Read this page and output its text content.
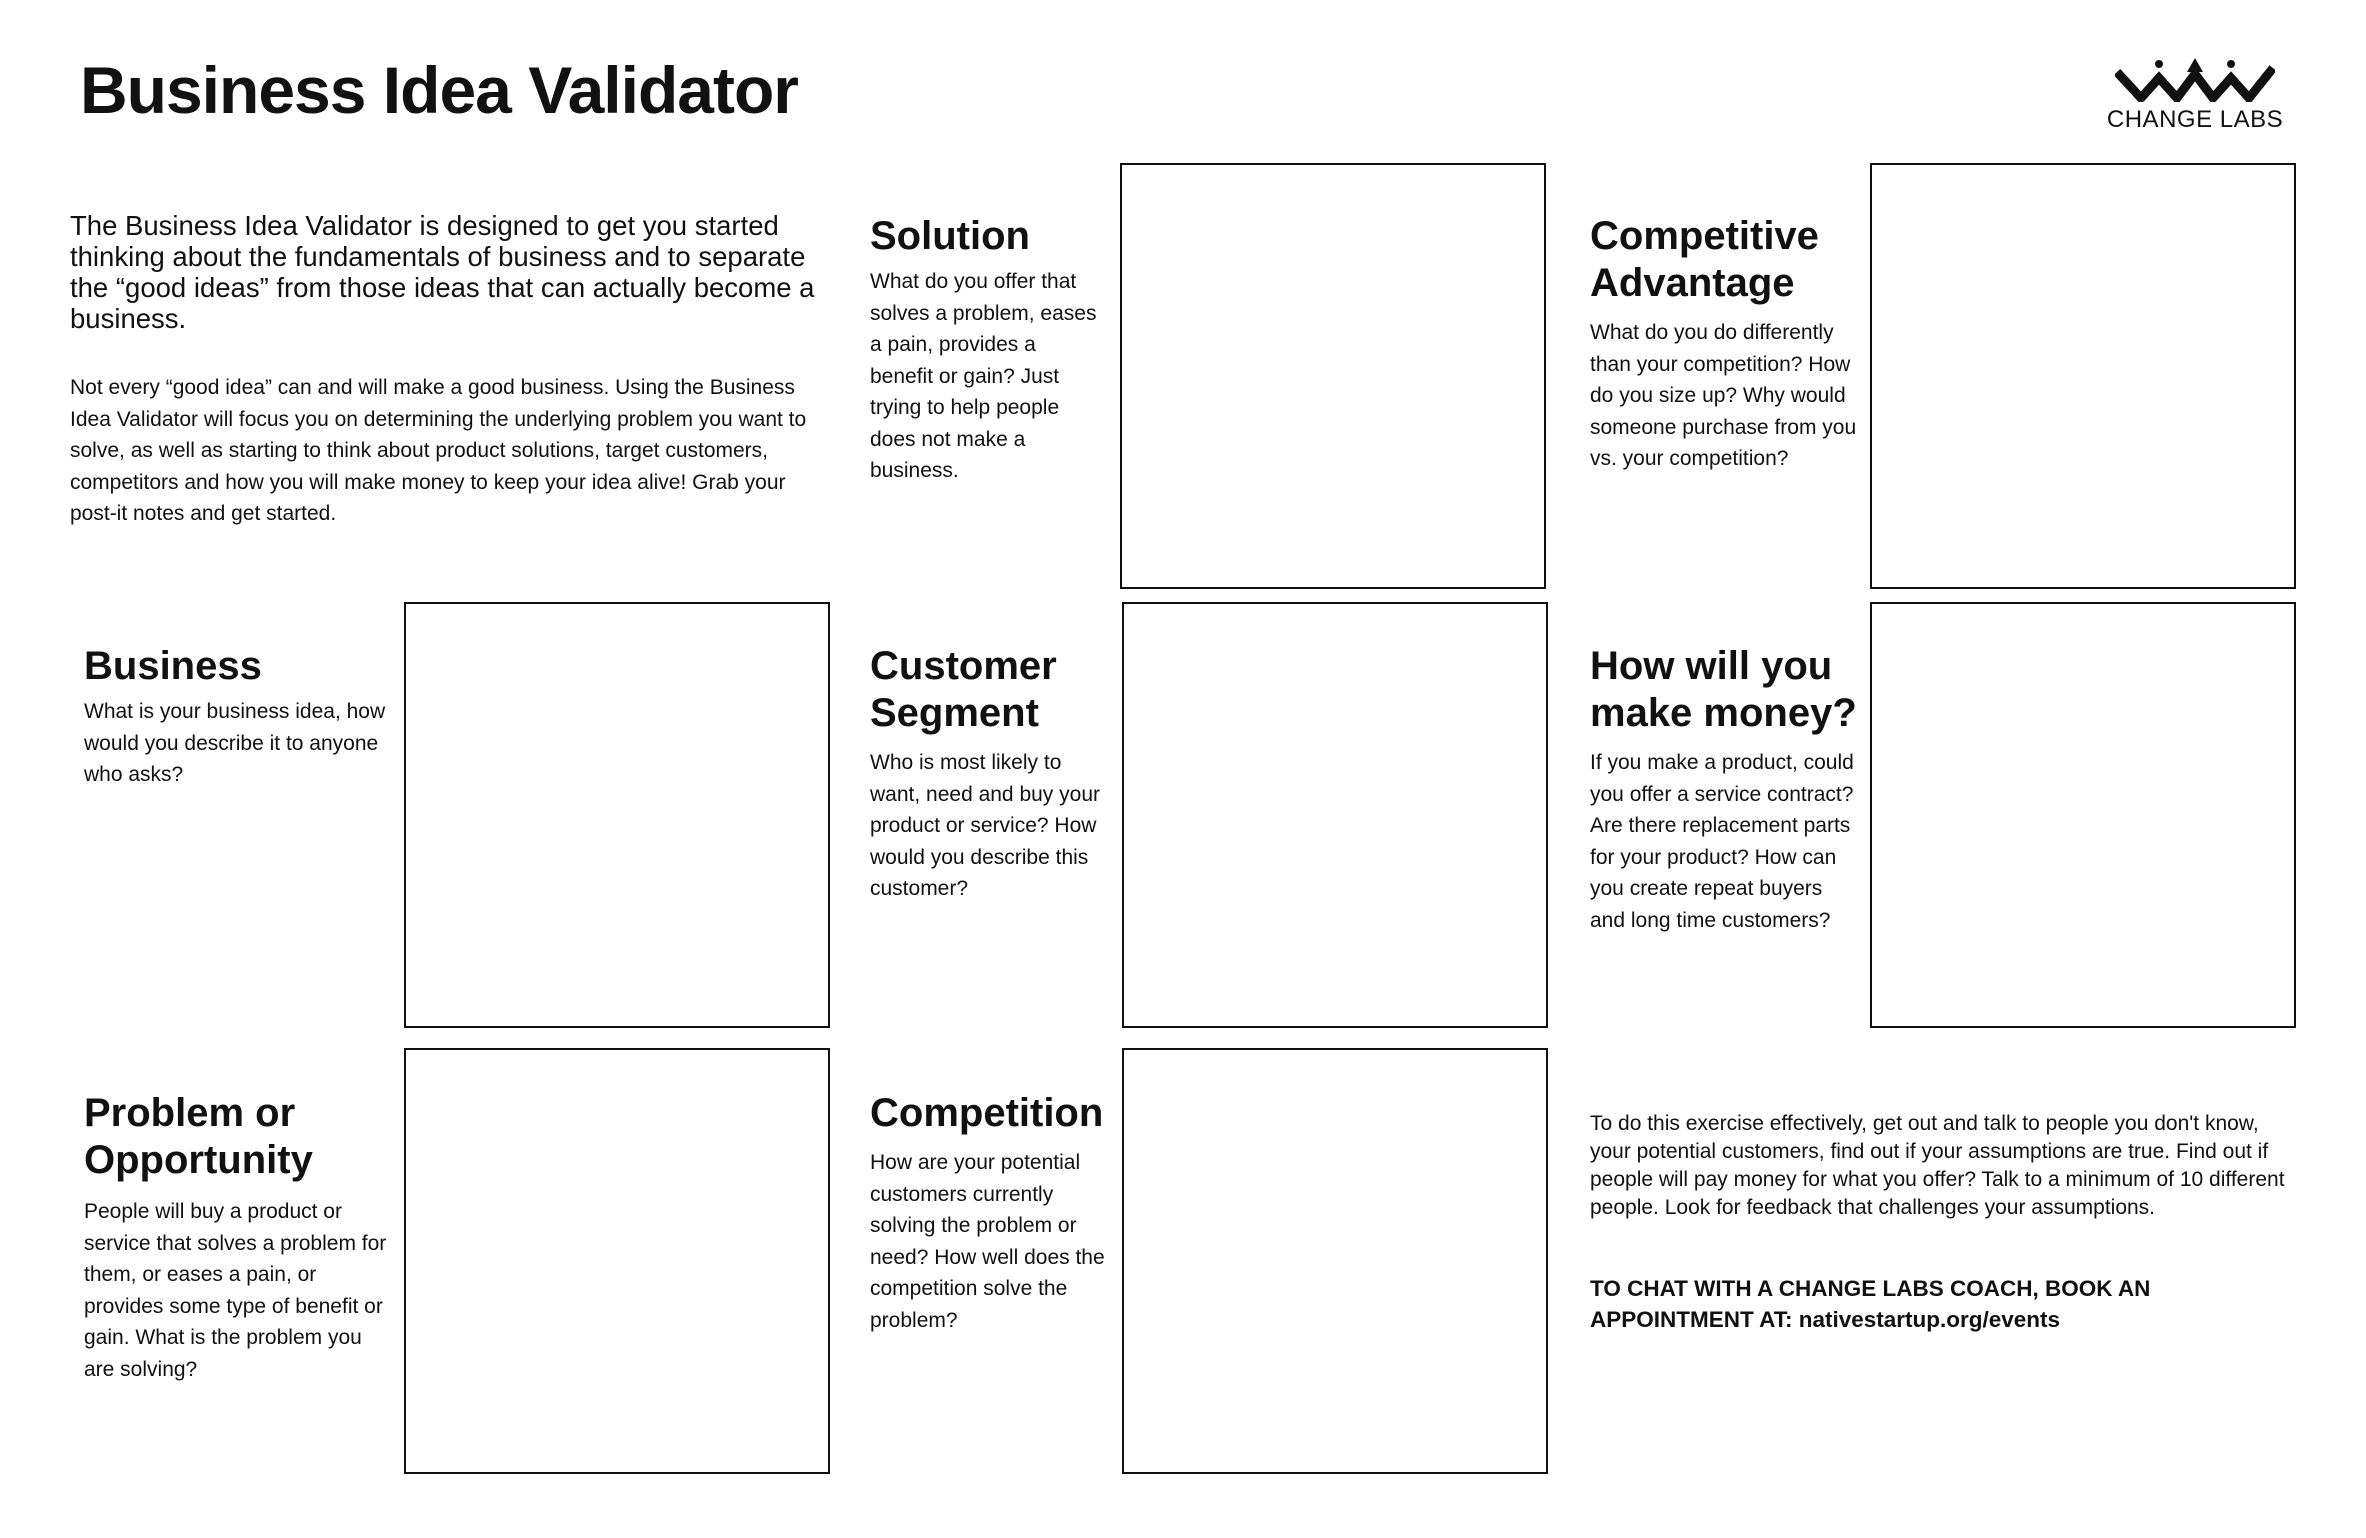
Business Idea Validator	CHANGE LABS

The Business Idea Validator is designed to get you started thinking about the fundamentals of business and to separate the “good ideas” from those ideas that can actually become a business.

Not every “good idea” can and will make a good business. Using the Business Idea Validator will focus you on determining the underlying problem you want to solve, as well as starting to think about product solutions, target customers, competitors and how you will make money to keep your idea alive! Grab your post-it notes and get started.

Solution

What do you offer that solves a problem, eases a pain, provides a benefit or gain? Just trying to help people does not make a business.

Competitive Advantage

What do you do differently than your competition? How do you size up? Why would someone purchase from you vs. your competition?

Business

What is your business idea, how would you describe it to anyone who asks?

Customer Segment

Who is most likely to want, need and buy your product or service? How would you describe this customer?

How will you make money?

If you make a product, could you offer a service contract? Are there replacement parts for your product? How can you create repeat buyers and long time customers?

Problem or Opportunity

People will buy a product or service that solves a problem for them, or eases a pain, or provides some type of benefit or gain. What is the problem you are solving?

Competition

How are your potential customers currently solving the problem or need? How well does the competition solve the problem?

To do this exercise effectively, get out and talk to people you don't know, your potential customers, find out if your assumptions are true. Find out if people will pay money for what you offer? Talk to a minimum of 10 different people. Look for feedback that challenges your assumptions.

TO CHAT WITH A CHANGE LABS COACH, BOOK AN APPOINTMENT AT: nativestartup.org/events
